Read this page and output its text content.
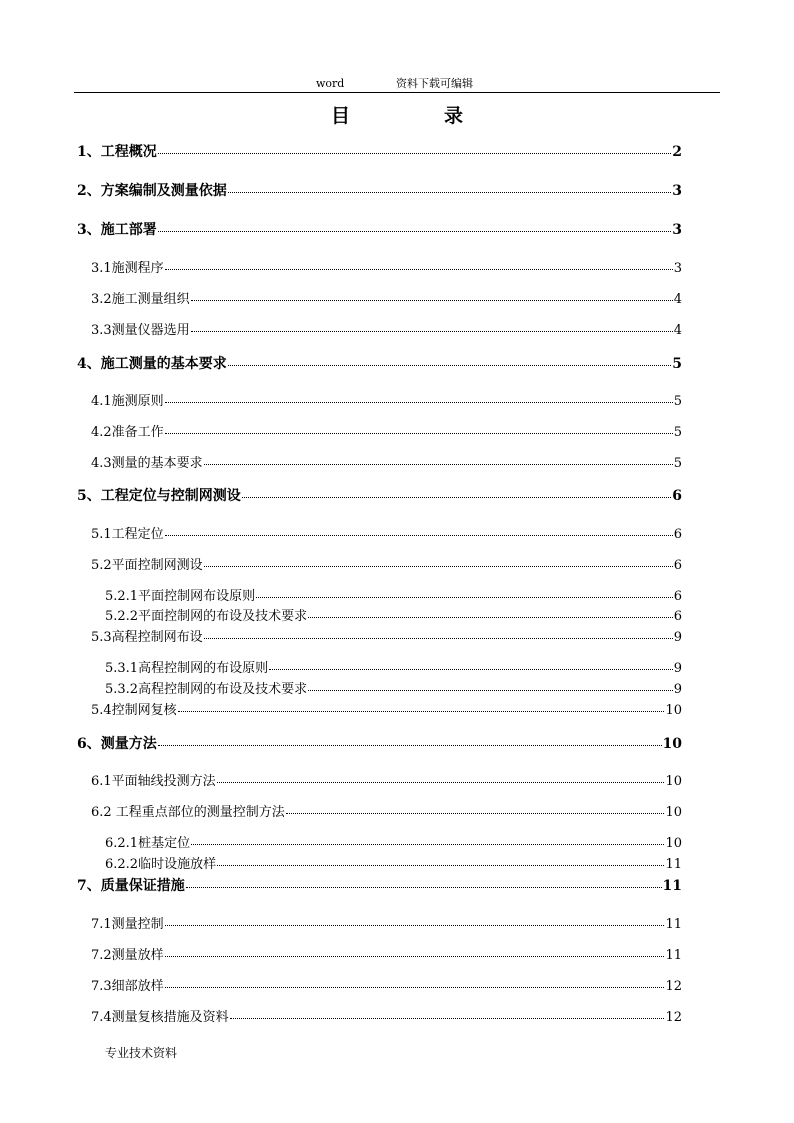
word	资料下载可编辑
目录
1、工程概况	2
2、方案编制及测量依据	3
3、施工部署	3
3.1施测程序	3
3.2施工测量组织	4
3.3测量仪器选用	4
4、施工测量的基本要求	5
4.1施测原则	5
4.2准备工作	5
4.3测量的基本要求	5
5、工程定位与控制网测设	6
5.1工程定位	6
5.2平面控制网测设	6
5.2.1平面控制网布设原则	6
5.2.2平面控制网的布设及技术要求	6
5.3高程控制网布设	9
5.3.1高程控制网的布设原则	9
5.3.2高程控制网的布设及技术要求	9
5.4控制网复核	10
6、测量方法	10
6.1平面轴线投测方法	10
6.2 工程重点部位的测量控制方法	10
6.2.1桩基定位	10
6.2.2临时设施放样	11
7、质量保证措施	11
7.1测量控制	11
7.2测量放样	11
7.3细部放样	12
7.4测量复核措施及资料	12
专业技术资料
